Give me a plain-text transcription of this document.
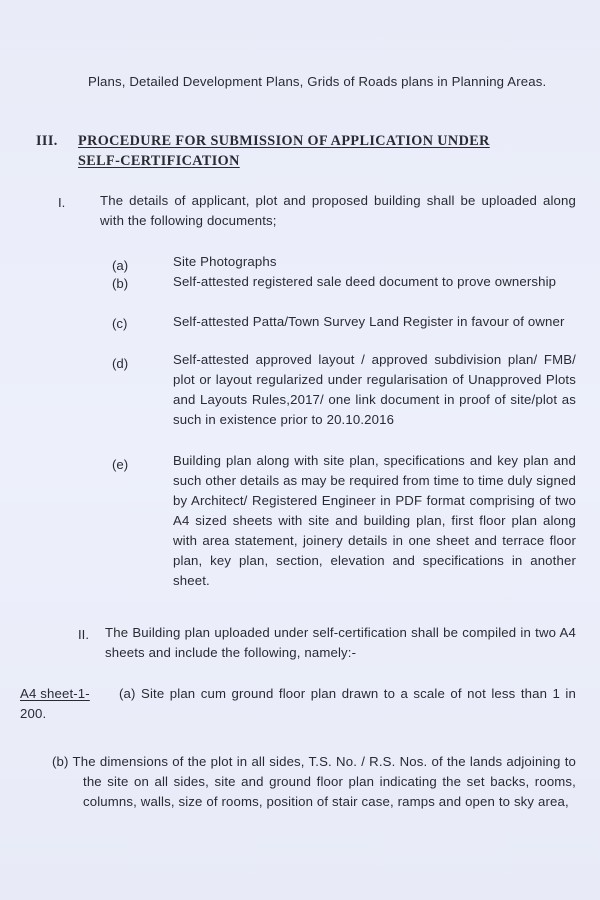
Plans, Detailed Development Plans, Grids of Roads plans in Planning Areas.
III. PROCEDURE FOR SUBMISSION OF APPLICATION UNDER
SELF-CERTIFICATION
I.	The details of applicant, plot and proposed building shall be uploaded along with the following documents;
(a)	Site Photographs
(b)	Self-attested registered sale deed document to prove ownership
(c)	Self-attested Patta/Town Survey Land Register in favour of owner
(d)	Self-attested approved layout / approved subdivision plan/ FMB/ plot or layout regularized under regularisation of Unapproved Plots and Layouts Rules,2017/ one link document in proof of site/plot as such in existence prior to 20.10.2016
(e)	Building plan along with site plan, specifications and key plan and such other details as may be required from time to time duly signed by Architect/ Registered Engineer in PDF format comprising of two A4 sized sheets with site and building plan, first floor plan along with area statement, joinery details in one sheet and terrace floor plan, key plan, section, elevation and specifications in another sheet.
II. The Building plan uploaded under self-certification shall be compiled in two A4 sheets and include the following, namely:-
A4 sheet-1-	(a) Site plan cum ground floor plan drawn to a scale of not less than 1 in 200.
(b) The dimensions of the plot in all sides, T.S. No. / R.S. Nos. of the lands adjoining to the site on all sides, site and ground floor plan indicating the set backs, rooms, columns, walls, size of rooms, position of stair case, ramps and open to sky area,
